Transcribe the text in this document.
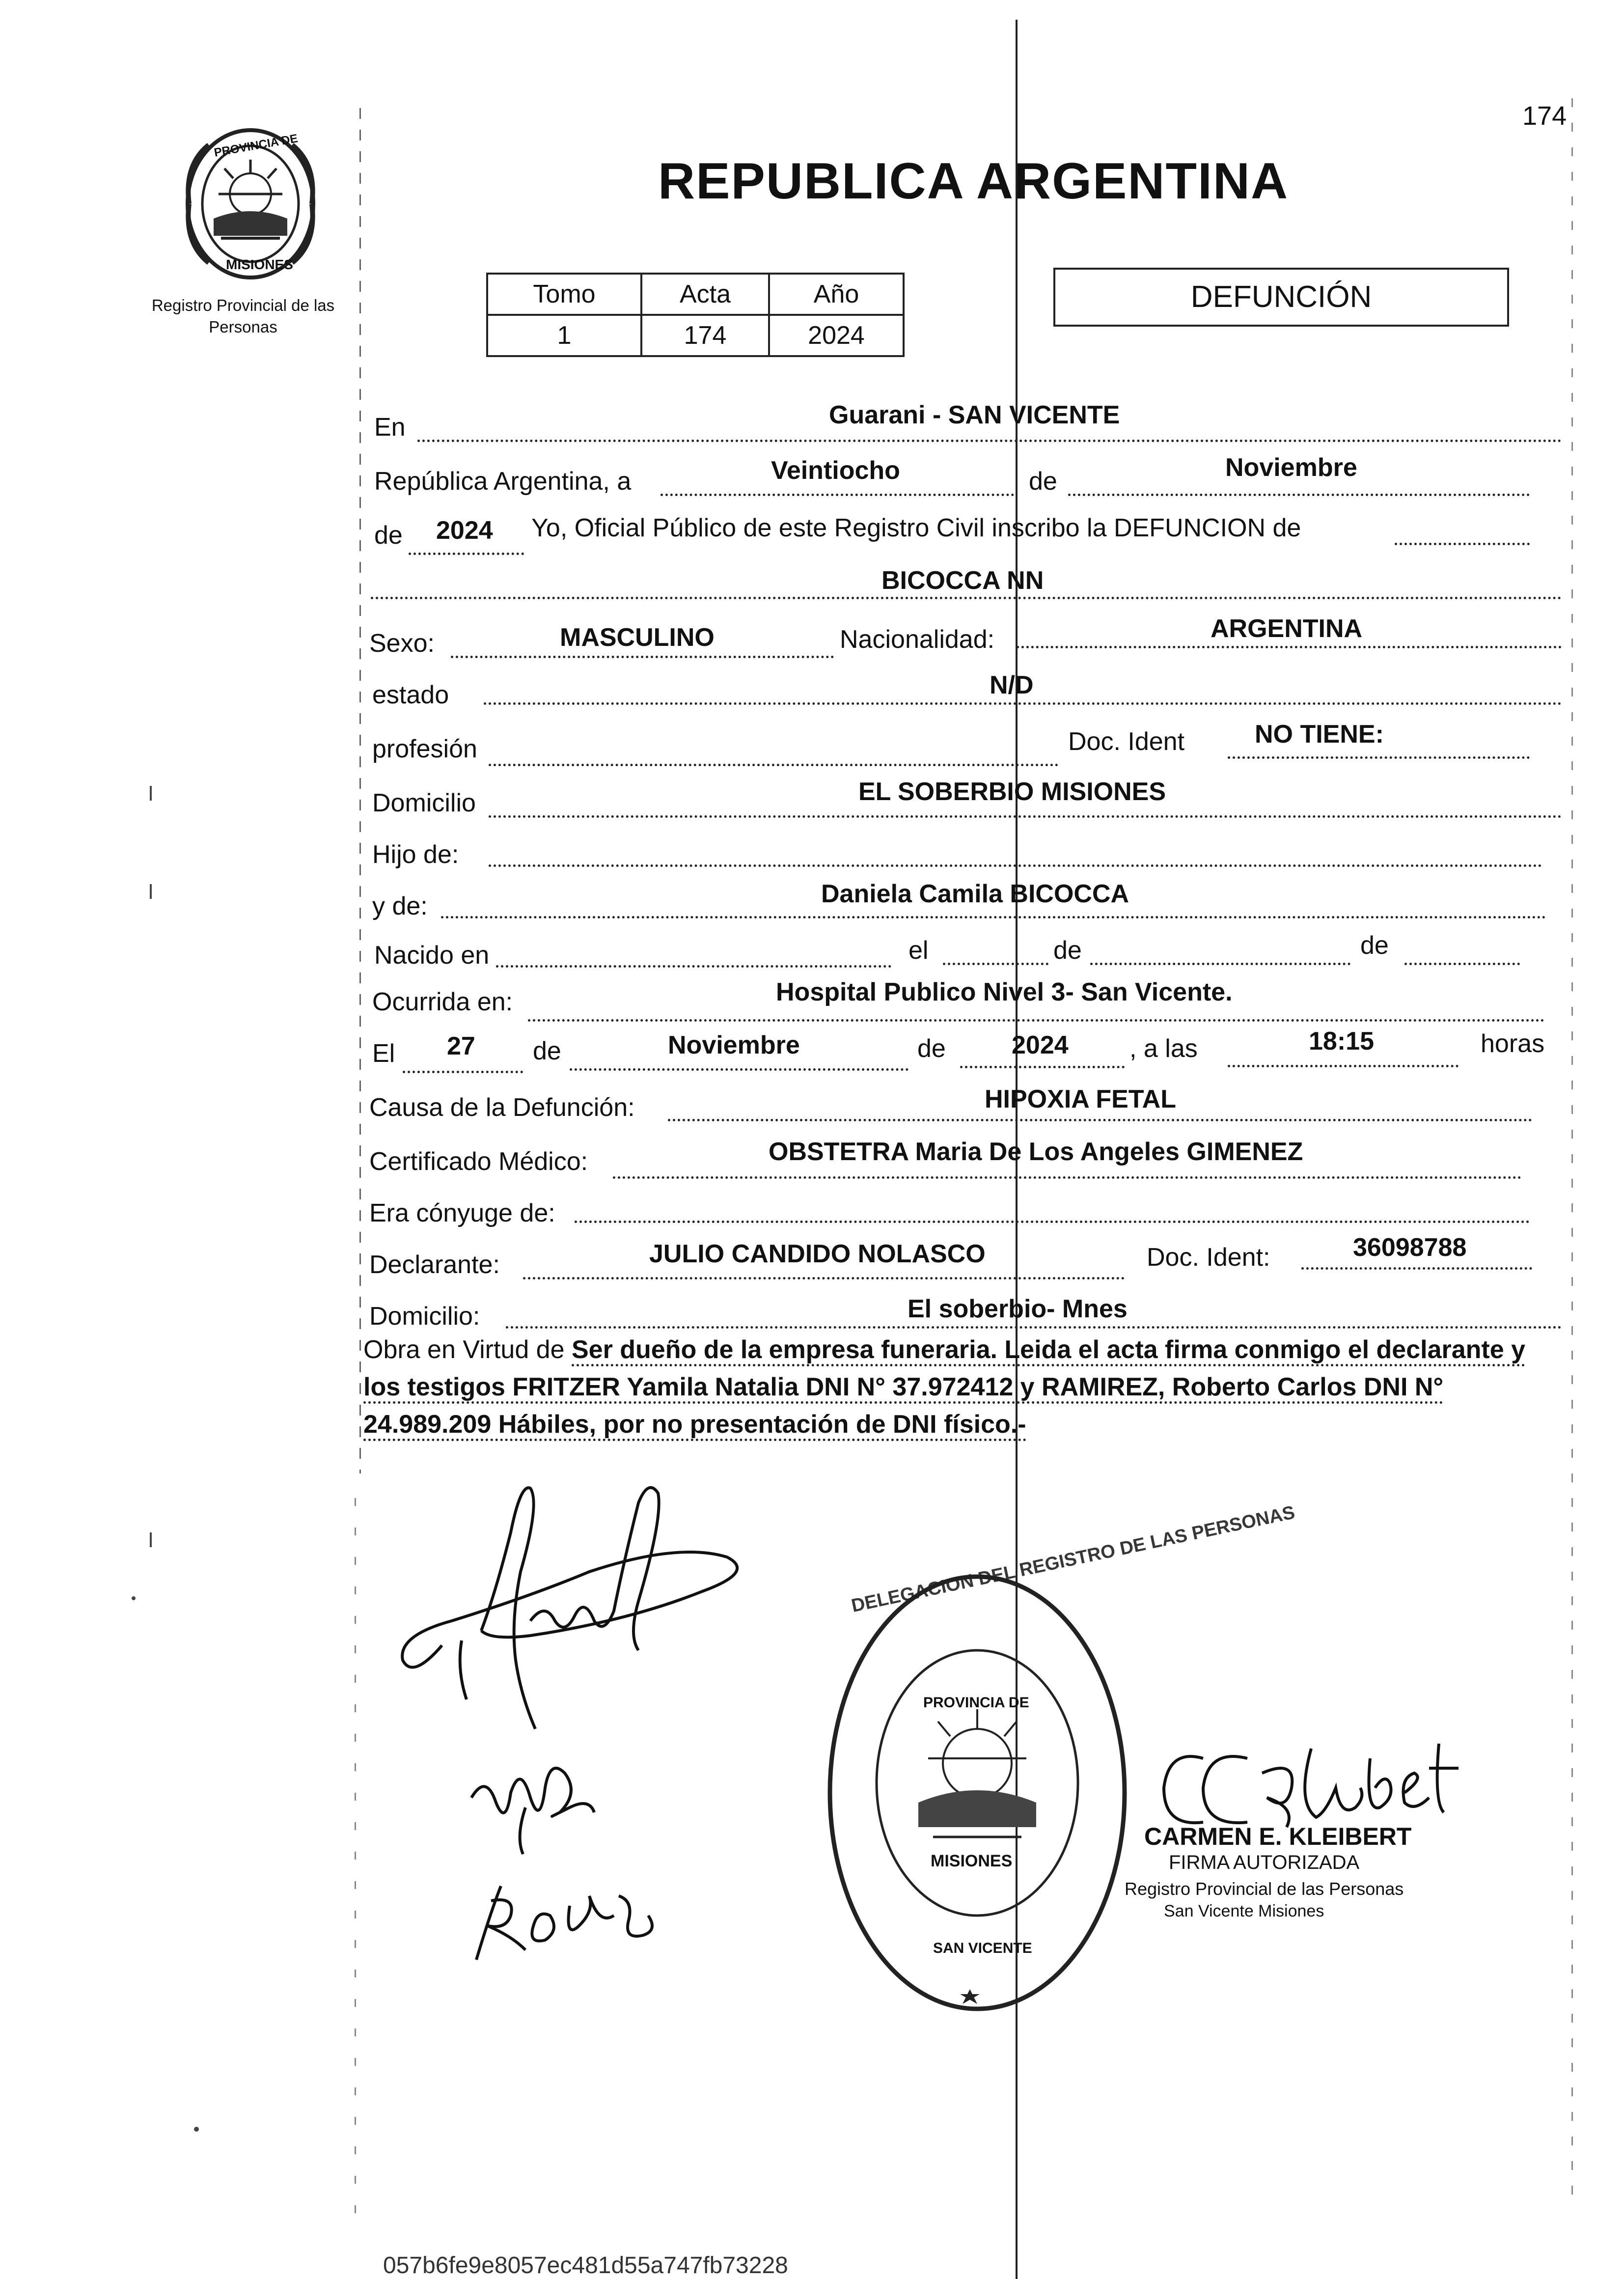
174
PROVINCIA DE
MISIONES
Registro Provincial de las Personas
REPUBLICA ARGENTINA
Tomo	Acta	Año
1	174	2024
DEFUNCIÓN
En	Guarani - SAN VICENTE
República Argentina, a	Veintiocho	de	Noviembre
de 2024 Yo, Oficial Público de este Registro Civil inscribo la DEFUNCION de
BICOCCA NN
Sexo:	MASCULINO	Nacionalidad:	ARGENTINA
estado	N/D
profesión	Doc. Ident	NO TIENE:
Domicilio	EL SOBERBIO MISIONES
Hijo de:
y de:	Daniela Camila BICOCCA
Nacido en	el	de	de
Ocurrida en:	Hospital Publico Nivel 3- San Vicente.
El 27 de	Noviembre	de	2024 , a las	18:15	horas
Causa de la Defunción:	HIPOXIA FETAL
Certificado Médico:	OBSTETRA Maria De Los Angeles GIMENEZ
Era cónyuge de:
Declarante:	JULIO CANDIDO NOLASCO	Doc. Ident:	36098788
Domicilio:	El soberbio- Mnes
Obra en Virtud de Ser dueño de la empresa funeraria. Leida el acta firma conmigo el declarante y los testigos FRITZER Yamila Natalia DNI N° 37.972412 y RAMIREZ, Roberto Carlos DNI N° 24.989.209 Hábiles, por no presentación de DNI físico.-
DELEGACION DEL REGISTRO DE LAS PERSONAS
PROVINCIA DE
MISIONES
SAN VICENTE
CARMEN E. KLEIBERT
FIRMA AUTORIZADA
Registro Provincial de las Personas
San Vicente Misiones
057b6fe9e8057ec481d55a747fb73228
